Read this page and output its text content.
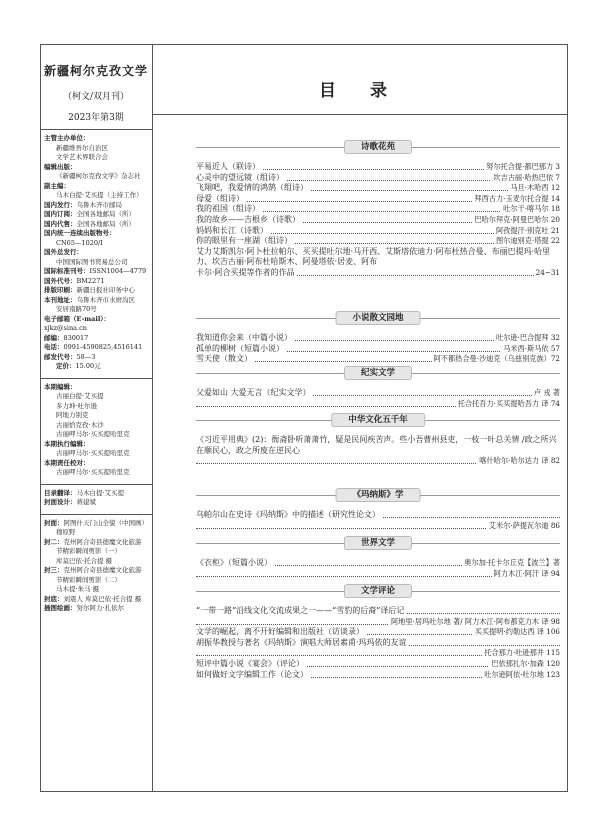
新疆柯尔克孜文学
（柯文/双月刊）
2023年第3期
主管主办单位：
新疆维吾尔自治区
文学艺术界联合会
编辑出版：
《新疆柯尔克孜文学》杂志社
副主编：
马木白提·艾买提（主持工作）
国内发行：乌鲁木齐市邮局
国内订阅：全国各地邮局（所）
国内代售：全国各地邮局（所）
国内统一连续出版物号：
CN65—1020/I
国外总发行：
中国国际图书贸易总公司
国际标准刊号：ISSN1004—4779
国外代号：BM2271
排版印刷：新疆日报社印务中心
本刊地址：乌鲁木齐市水磨沟区
安居南路70号
电子邮箱（E-mail）：xjkz@sina.cn
邮编：830017
电话：0991-4590825,4516141
邮发代号：58—3
定价：15.00元
本期编辑：
古丽白提·艾买提
多力坤·吐尔逊
阿地力别克
古丽恰克孜·木沙
古丽呷马尔·买买提哈里克
本期执行编辑：
古丽呷马尔·买买提哈里克
本期责任校对：
古丽呷马尔·买买提哈里克
目录翻译：马木白提·艾买提
封面设计：蒋建斌
封面：阿图什天门山全貌（中国画）
穆原野
封二：克州阿合奇县德魔文化旅游
节精彩瞬间剪影（一）
库莫巴依·托合提 摄
封三：克州阿合奇县德魔文化旅游
节精彩瞬间剪影（二）
马木提·朱马 摄
封底：刘震人 库莫巴依·托合提 摄
插图绘画：努尔阿力·扎依尔
目 录
诗歌花苑
平易近人（联诗）	努尔托合提·都巴那力 3
心灵中的望远镜（组诗）	坎吉古丽·哈热巴依 7
飞翔吧，我爱情的鸿鹄（组诗）	马旦·木哈西 12
母爱（组诗）	拜西古力·玉麦尔托合提 14
我的祖国（组诗）	吐尔干·喀马尔 18
我的故乡——吉根乡（诗歌）	巴哈尔拜克·阿曼巴哈尔 20
妈妈和长江（诗歌）	阿孜提汗·别克吐 21
你的眼里有一座湖（组诗）	图尔迪别克·塔提 22
艾力艾斯凯尔·阿卜杜拉帕尔、买买提吐尔地·马开西、艾斯塔依迪力·阿布杜热合曼、布丽巴提玛·哈里力、坎吉古丽·阿布杜哈斯木、阿曼塔依·居麦、阿布
卡尔·阿合买提等作者的作品	24~31
小说散文园地
我知道你会来（中篇小说）	吐尔逊·巴合提拜 32
孤单的柳树（短篇小说）	马米西·斯马依 57
雪天使（散文）	阿不都热合曼·沙迪克（乌兹别克族）72
纪实文学
父爱如山 大爱无言（纪实文学）	卢 戎 著
托合托吾力·买买提哈吾力 译 74
中华文化五千年
《习近平用典》(2)：衙斋卧听萧萧竹，疑是民间疾苦声。些小吾曹州县吏，一枝一叶总关情 /政之所兴在顺民心，政之所废在逆民心
喀什哈尔·哈尔达力 译 82
《玛纳斯》学
乌帕尔山在史诗《玛纳斯》中的描述（研究性论文）
艾米尔·萨提瓦尔迪 86
世界文学
《衣柜》（短篇小说）	奥尔加·托卡尔丘克【波兰】著
阿力木江·阿汗 译 94
文学评论
“一带一路”沿线文化交流成果之一——“雪豹的后裔”译后记
阿地里·居玛吐尔地 著/ 阿力木江·阿布都克力木 译 98
文学的崛起，离不开好编辑和出版社（访谈录）	买买提明·约勒达西 译 106
胡振华教授与著名《玛纳斯》演唱大师居素甫·玛玛依的友谊
托合那力·吐逊那井 115
短评中篇小说《宴会》（评论）	巴依那扎尔·加森 120
如何做好文字编辑工作（论文）	吐尔逊阿依·吐尔地 123
